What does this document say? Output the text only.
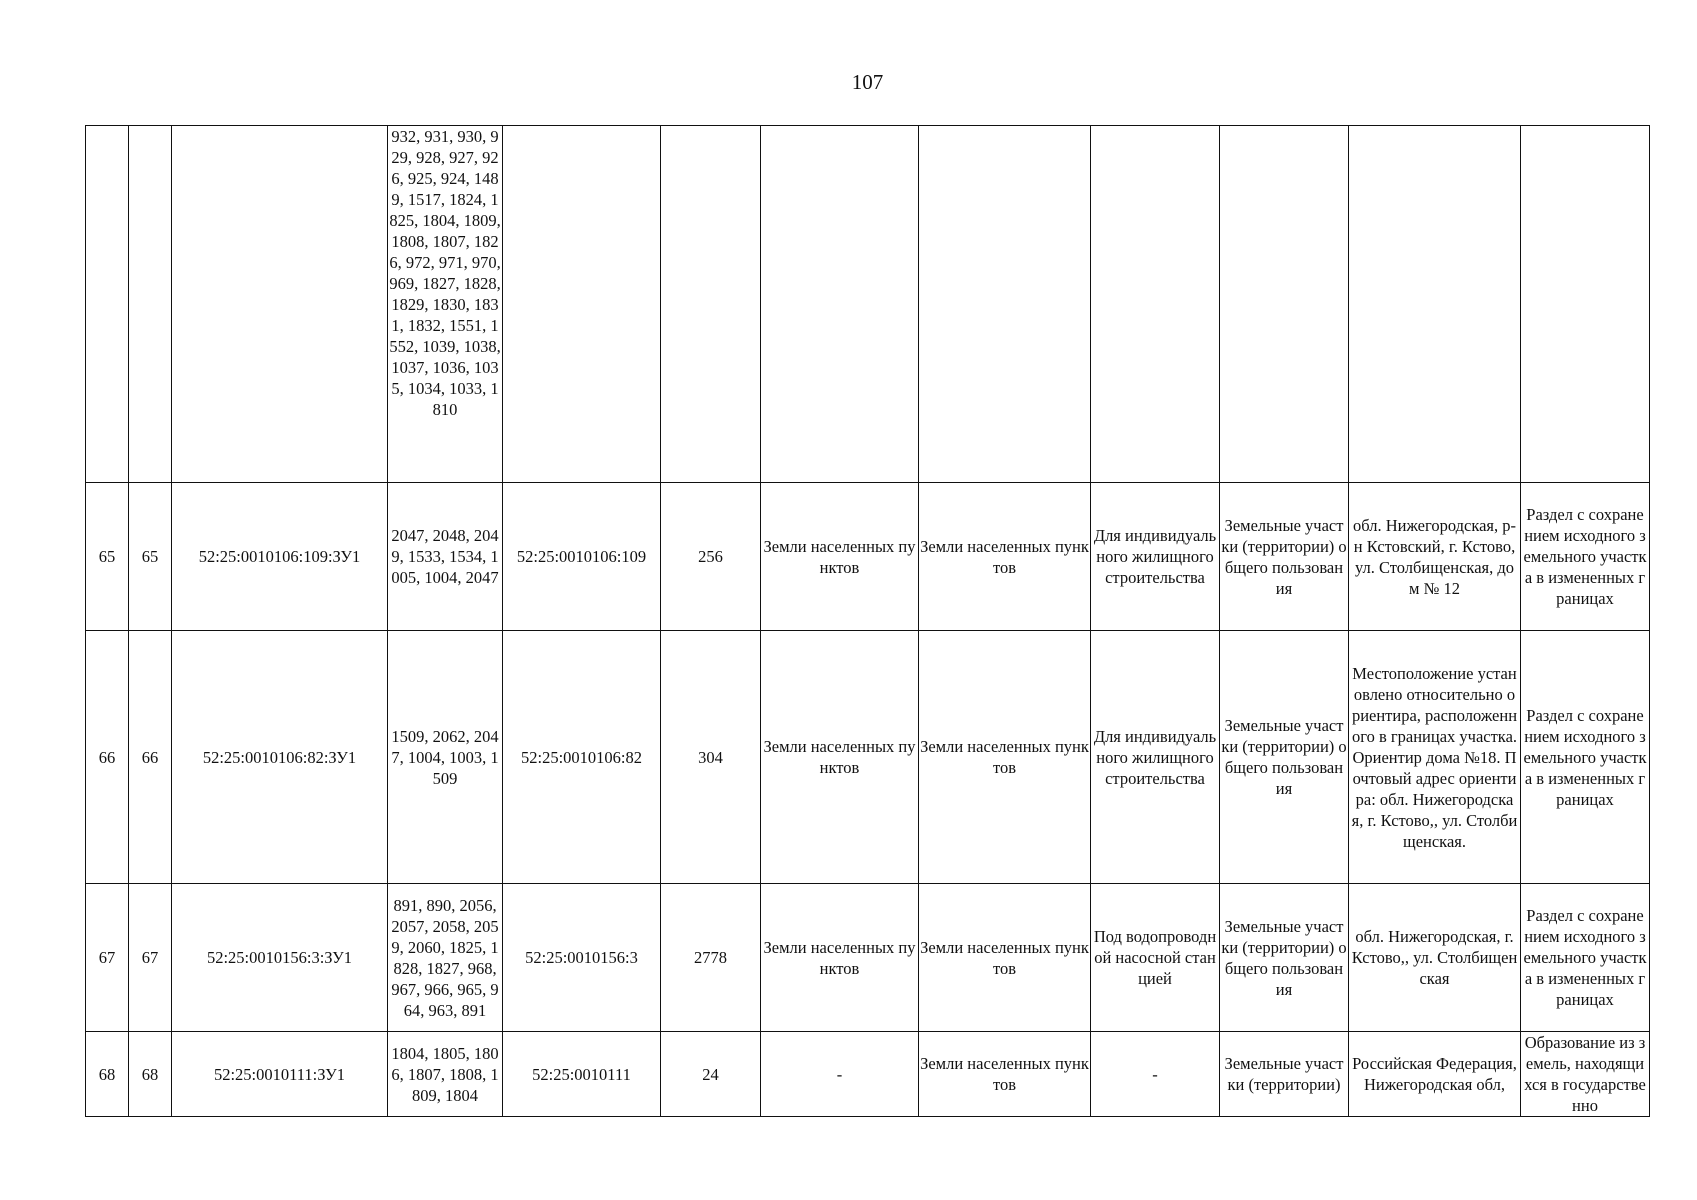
107
			932, 931, 930, 929, 928, 927, 926, 925, 924, 1489, 1517, 1824, 1825, 1804, 1809, 1808, 1807, 1826, 972, 971, 970, 969, 1827, 1828, 1829, 1830, 1831, 1832, 1551, 1552, 1039, 1038, 1037, 1036, 1035, 1034, 1033, 1810								
65	65	52:25:0010106:109:ЗУ1	2047, 2048, 2049, 1533, 1534, 1005, 1004, 2047	52:25:0010106:109	256	Земли населенных пунктов	Земли населенных пунктов	Для индивидуального жилищного строительства	Земельные участки (территории) общего пользования	обл. Нижегородская, р-н Кстовский, г. Кстово, ул. Столбищенская, дом № 12	Раздел с сохранением исходного земельного участка в измененных границах
66	66	52:25:0010106:82:ЗУ1	1509, 2062, 2047, 1004, 1003, 1509	52:25:0010106:82	304	Земли населенных пунктов	Земли населенных пунктов	Для индивидуального жилищного строительства	Земельные участки (территории) общего пользования	Местоположение установлено относительно ориентира, расположенного в границах участка. Ориентир дома №18. Почтовый адрес ориентира: обл. Нижегородская, г. Кстово,, ул. Столбищенская.	Раздел с сохранением исходного земельного участка в измененных границах
67	67	52:25:0010156:3:ЗУ1	891, 890, 2056, 2057, 2058, 2059, 2060, 1825, 1828, 1827, 968, 967, 966, 965, 964, 963, 891	52:25:0010156:3	2778	Земли населенных пунктов	Земли населенных пунктов	Под водопроводной насосной станцией	Земельные участки (территории) общего пользования	обл. Нижегородская, г. Кстово,, ул. Столбищенская	Раздел с сохранением исходного земельного участка в измененных границах
68	68	52:25:0010111:ЗУ1	1804, 1805, 1806, 1807, 1808, 1809, 1804	52:25:0010111	24	-	Земли населенных пунктов	-	Земельные участки (территории)	Российская Федерация, Нижегородская обл,	Образование из земель, находящихся в государственно
